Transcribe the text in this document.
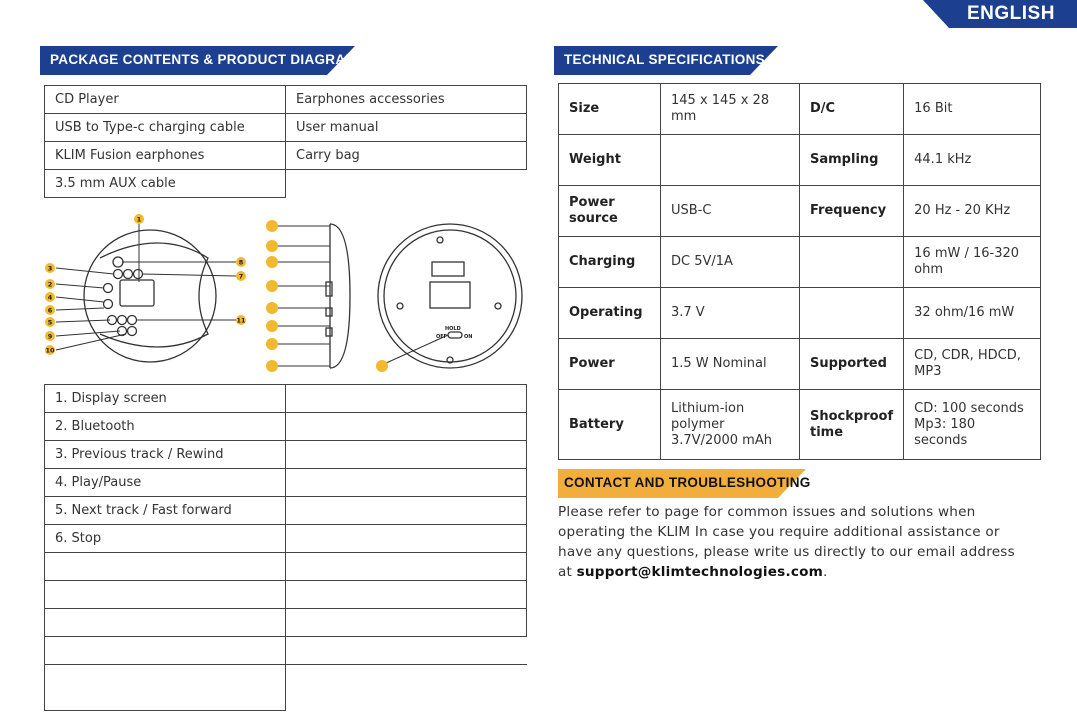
ENGLISH
PACKAGE CONTENTS & PRODUCT DIAGRAM
CD Player	Earphones accessories
USB to Type-c charging cable	User manual
KLIM Fusion earphones	Carry bag
3.5 mm AUX cable	
1
2
3
4
5
6
7
8
9
10
11
HOLD
OFF	ON
1. Display screen	
2. Bluetooth	
3. Previous track / Rewind	
4. Play/Pause	
5. Next track / Fast forward	
6. Stop	

TECHNICAL SPECIFICATIONS
Size	145 x 145 x 28 mm	D/C	16 Bit
Weight		Sampling	44.1 kHz
Power source	USB-C	Frequency	20 Hz - 20 KHz
Charging	DC 5V/1A		16 mW / 16-320 ohm
Operating	3.7 V		32 ohm/16 mW
Power	1.5 W Nominal	Supported	CD, CDR, HDCD, MP3
Battery	Lithium-ion polymer 3.7V/2000 mAh	Shockproof time	CD: 100 seconds Mp3: 180 seconds
CONTACT AND TROUBLESHOOTING

Please refer to page for common issues and solutions when operating the KLIM In case you require additional assistance or have any questions, please write us directly to our email address at support@klimtechnologies.com.
